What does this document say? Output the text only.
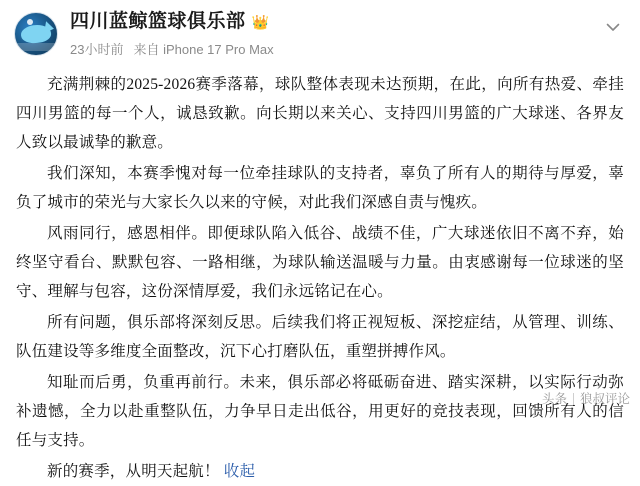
四川蓝鲸篮球俱乐部 👑
23小时前 来自 iPhone 17 Pro Max

充满荆棘的2025-2026赛季落幕，球队整体表现未达预期，在此，向所有热爱、牵挂四川男篮的每一个人，诚恳致歉。向长期以来关心、支持四川男篮的广大球迷、各界友人致以最诚挚的歉意。

我们深知，本赛季愧对每一位牵挂球队的支持者，辜负了所有人的期待与厚爱，辜负了城市的荣光与大家长久以来的守候，对此我们深感自责与愧疚。

风雨同行，感恩相伴。即便球队陷入低谷、战绩不佳，广大球迷依旧不离不弃，始终坚守看台、默默包容、一路相继，为球队输送温暖与力量。由衷感谢每一位球迷的坚守、理解与包容，这份深情厚爱，我们永远铭记在心。

所有问题，俱乐部将深刻反思。后续我们将正视短板、深挖症结，从管理、训练、队伍建设等多维度全面整改，沉下心打磨队伍，重塑拼搏作风。

知耻而后勇，负重再前行。未来，俱乐部必将砥砺奋进、踏实深耕，以实际行动弥补遗憾，全力以赴重整队伍，力争早日走出低谷，用更好的竞技表现，回馈所有人的信任与支持。

新的赛季，从明天起航！ 收起

头条 狼叔评论
